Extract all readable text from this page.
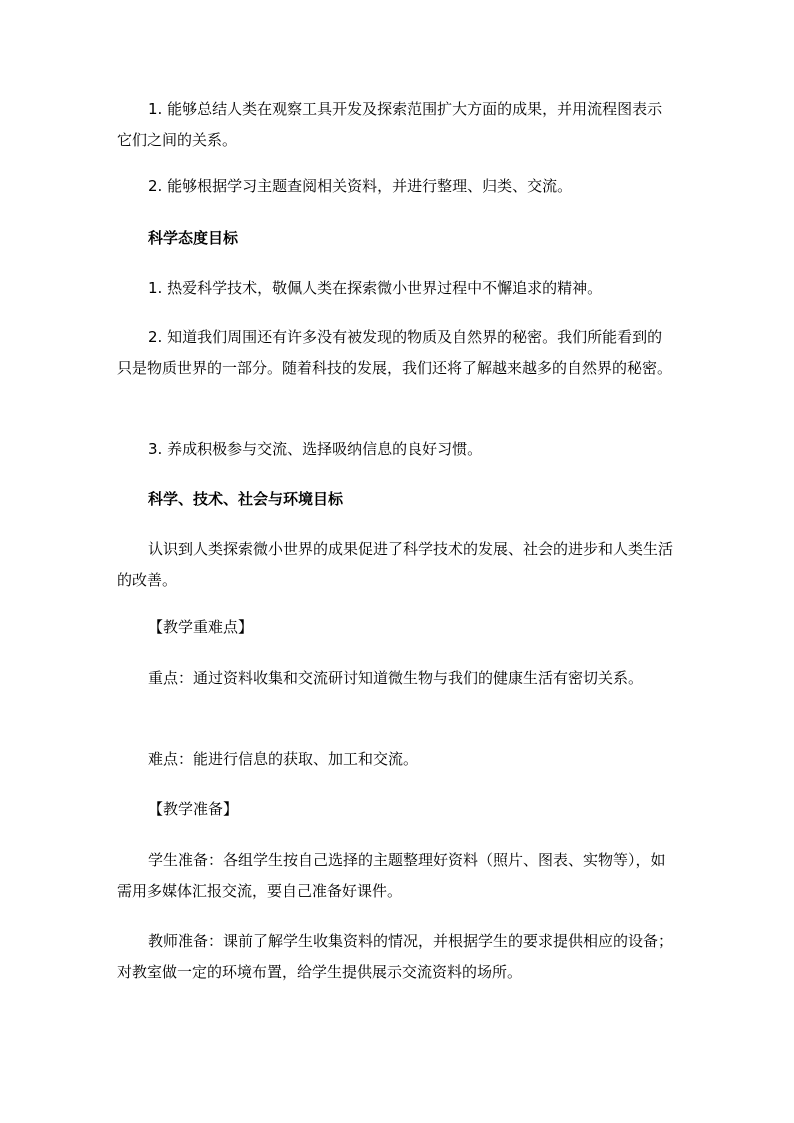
1. 能够总结人类在观察工具开发及探索范围扩大方面的成果，并用流程图表示它们之间的关系。

2. 能够根据学习主题查阅相关资料，并进行整理、归类、交流。

科学态度目标

1. 热爱科学技术，敬佩人类在探索微小世界过程中不懈追求的精神。

2. 知道我们周围还有许多没有被发现的物质及自然界的秘密。我们所能看到的只是物质世界的一部分。随着科技的发展，我们还将了解越来越多的自然界的秘密。

3. 养成积极参与交流、选择吸纳信息的良好习惯。

科学、技术、社会与环境目标

认识到人类探索微小世界的成果促进了科学技术的发展、社会的进步和人类生活的改善。

【教学重难点】

重点：通过资料收集和交流研讨知道微生物与我们的健康生活有密切关系。

难点：能进行信息的获取、加工和交流。

【教学准备】

学生准备：各组学生按自己选择的主题整理好资料（照片、图表、实物等），如需用多媒体汇报交流，要自己准备好课件。

教师准备：课前了解学生收集资料的情况，并根据学生的要求提供相应的设备；对教室做一定的环境布置，给学生提供展示交流资料的场所。
